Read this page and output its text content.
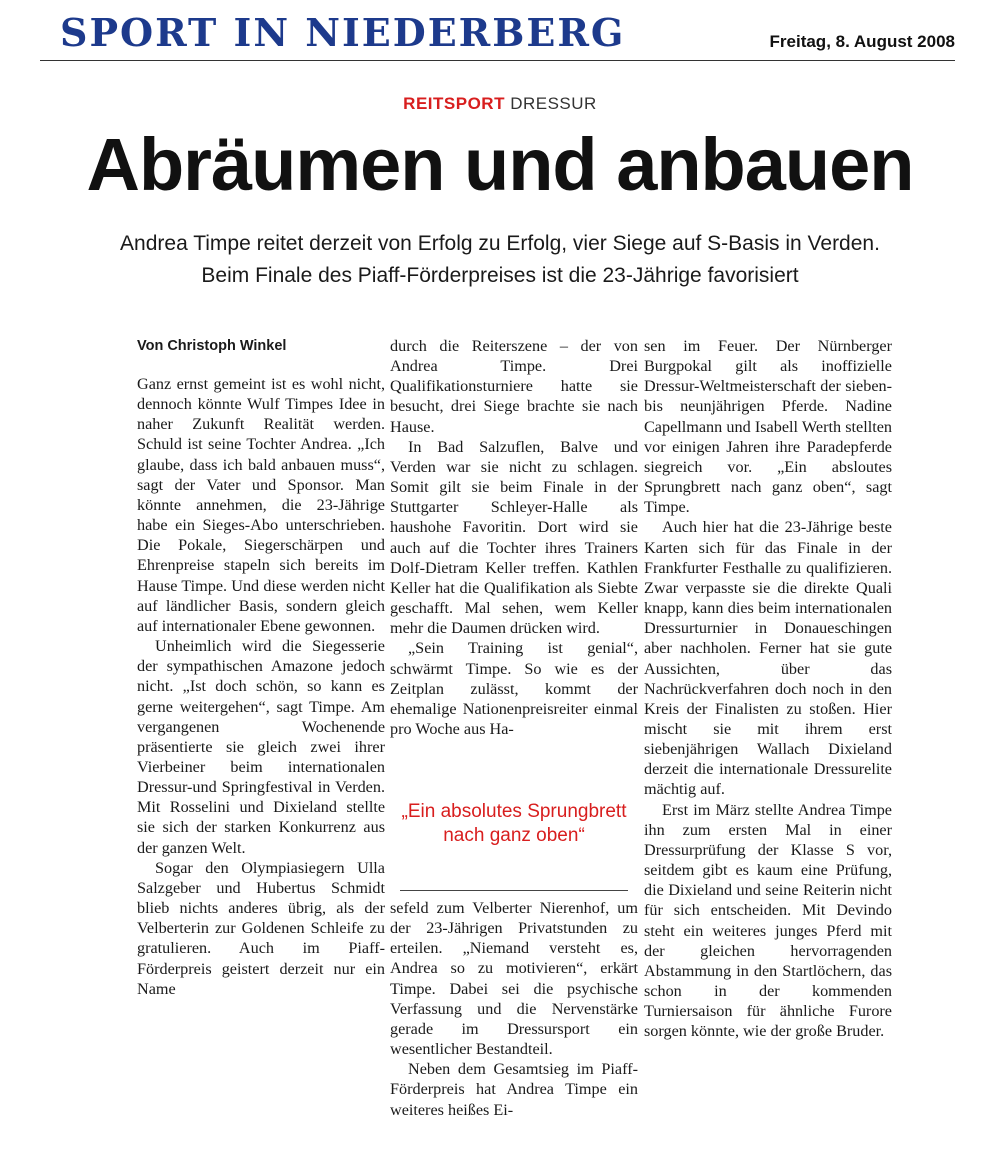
SPORT IN NIEDERBERG	Freitag, 8. August 2008
REITSPORT DRESSUR
Abräumen und anbauen
Andrea Timpe reitet derzeit von Erfolg zu Erfolg, vier Siege auf S-Basis in Verden.
Beim Finale des Piaff-Förderpreises ist die 23-Jährige favorisiert
Von Christoph Winkel

Ganz ernst gemeint ist es wohl nicht, dennoch könnte Wulf Timpes Idee in naher Zukunft Realität werden. Schuld ist seine Tochter Andrea. „Ich glaube, dass ich bald anbauen muss“, sagt der Vater und Sponsor. Man könnte annehmen, die 23-Jährige habe ein Sieges-Abo unterschrieben. Die Pokale, Siegerschärpen und Ehrenpreise stapeln sich bereits im Hause Timpe. Und diese werden nicht auf ländlicher Basis, sondern gleich auf internationaler Ebene gewonnen.

Unheimlich wird die Siegesserie der sympathischen Amazone jedoch nicht. „Ist doch schön, so kann es gerne weitergehen“, sagt Timpe. Am vergangenen Wochenende präsentierte sie gleich zwei ihrer Vierbeiner beim internationalen Dressur-und Springfestival in Verden. Mit Rosselini und Dixieland stellte sie sich der starken Konkurrenz aus der ganzen Welt.

Sogar den Olympiasiegern Ulla Salzgeber und Hubertus Schmidt blieb nichts anderes übrig, als der Velberterin zur Goldenen Schleife zu gratulieren. Auch im Piaff-Förderpreis geistert derzeit nur ein Name

durch die Reiterszene – der von Andrea Timpe. Drei Qualifikationsturniere hatte sie besucht, drei Siege brachte sie nach Hause.

In Bad Salzuflen, Balve und Verden war sie nicht zu schlagen. Somit gilt sie beim Finale in der Stuttgarter Schleyer-Halle als haushohe Favoritin. Dort wird sie auch auf die Tochter ihres Trainers Dolf-Dietram Keller treffen. Kathlen Keller hat die Qualifikation als Siebte geschafft. Mal sehen, wem Keller mehr die Daumen drücken wird.

„Sein Training ist genial“, schwärmt Timpe. So wie es der Zeitplan zulässt, kommt der ehemalige Nationenpreisreiter einmal pro Woche aus Ha-

„Ein absolutes Sprungbrett nach ganz oben“

sefeld zum Velberter Nierenhof, um der 23-Jährigen Privatstunden zu erteilen. „Niemand versteht es, Andrea so zu motivieren“, erkärt Timpe. Dabei sei die psychische Verfassung und die Nervenstärke gerade im Dressursport ein wesentlicher Bestandteil.

Neben dem Gesamtsieg im Piaff-Förderpreis hat Andrea Timpe ein weiteres heißes Ei-

sen im Feuer. Der Nürnberger Burgpokal gilt als inoffizielle Dressur-Weltmeisterschaft der sieben- bis neunjährigen Pferde. Nadine Capellmann und Isabell Werth stellten vor einigen Jahren ihre Paradepferde siegreich vor. „Ein absloutes Sprungbrett nach ganz oben“, sagt Timpe.

Auch hier hat die 23-Jährige beste Karten sich für das Finale in der Frankfurter Festhalle zu qualifizieren. Zwar verpasste sie die direkte Quali knapp, kann dies beim internationalen Dressurturnier in Donaueschingen aber nachholen. Ferner hat sie gute Aussichten, über das Nachrückverfahren doch noch in den Kreis der Finalisten zu stoßen. Hier mischt sie mit ihrem erst siebenjährigen Wallach Dixieland derzeit die internationale Dressurelite mächtig auf.

Erst im März stellte Andrea Timpe ihn zum ersten Mal in einer Dressurprüfung der Klasse S vor, seitdem gibt es kaum eine Prüfung, die Dixieland und seine Reiterin nicht für sich entscheiden. Mit Devindo steht ein weiteres junges Pferd mit der gleichen hervorragenden Abstammung in den Startlöchern, das schon in der kommenden Turniersaison für ähnliche Furore sorgen könnte, wie der große Bruder.
